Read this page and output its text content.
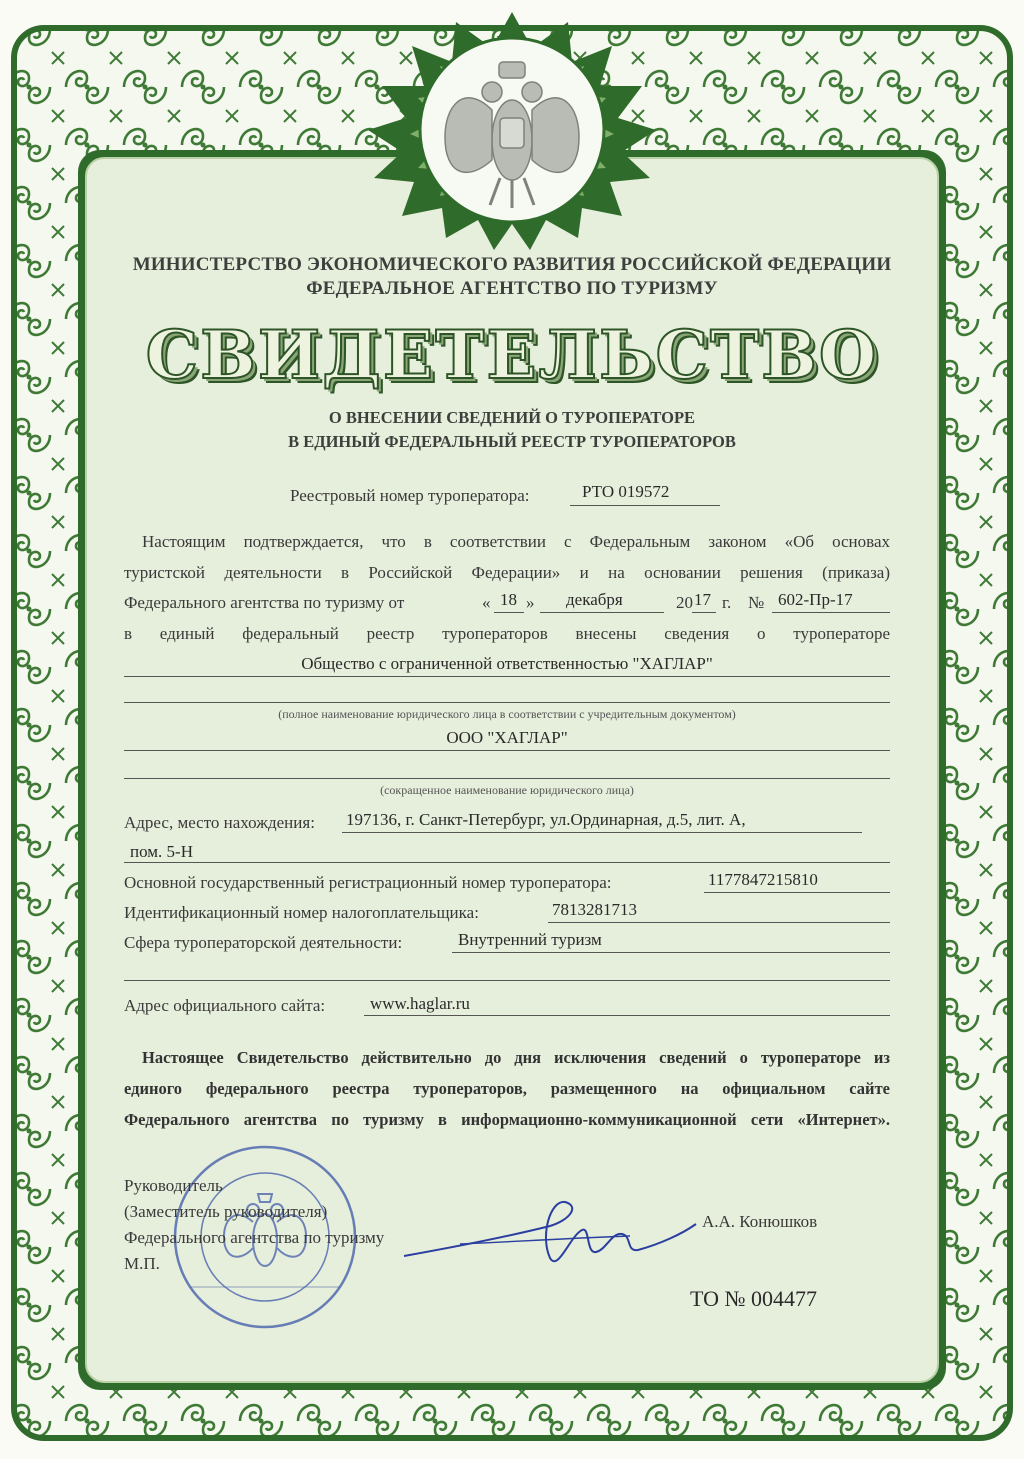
МИНИСТЕРСТВО ЭКОНОМИЧЕСКОГО РАЗВИТИЯ РОССИЙСКОЙ ФЕДЕРАЦИИ
ФЕДЕРАЛЬНОЕ АГЕНТСТВО ПО ТУРИЗМУ
СВИДЕТЕЛЬСТВО
О ВНЕСЕНИИ СВЕДЕНИЙ О ТУРОПЕРАТОРЕ
В ЕДИНЫЙ ФЕДЕРАЛЬНЫЙ РЕЕСТР ТУРОПЕРАТОРОВ
Реестровый номер туроператора:	РТО 019572
Настоящим подтверждается, что в соответствии с Федеральным законом «Об основах
туристской деятельности в Российской Федерации» и на основании решения (приказа)
Федерального агентства по туризму от	« 18 » декабря	20 17 г. № 602-Пр-17
в единый федеральный реестр туроператоров внесены сведения о туроператоре
Общество с ограниченной ответственностью "ХАГЛАР"
(полное наименование юридического лица в соответствии с учредительным документом)
ООО "ХАГЛАР"
(сокращенное наименование юридического лица)
Адрес, место нахождения: 197136, г. Санкт-Петербург, ул.Ординарная, д.5, лит. А,
пом. 5-Н
Основной государственный регистрационный номер туроператора:	1177847215810
Идентификационный номер налогоплательщика:	7813281713
Сфера туроператорской деятельности:	Внутренний туризм
Адрес официального сайта:	www.haglar.ru
Настоящее Свидетельство действительно до дня исключения сведений о туроператоре из
единого федерального реестра туроператоров, размещенного на официальном сайте
Федерального агентства по туризму в информационно-коммуникационной сети «Интернет».
Руководитель
(Заместитель руководителя)
Федерального агентства по туризму
М.П.
А.А. Конюшков
ТО № 004477
